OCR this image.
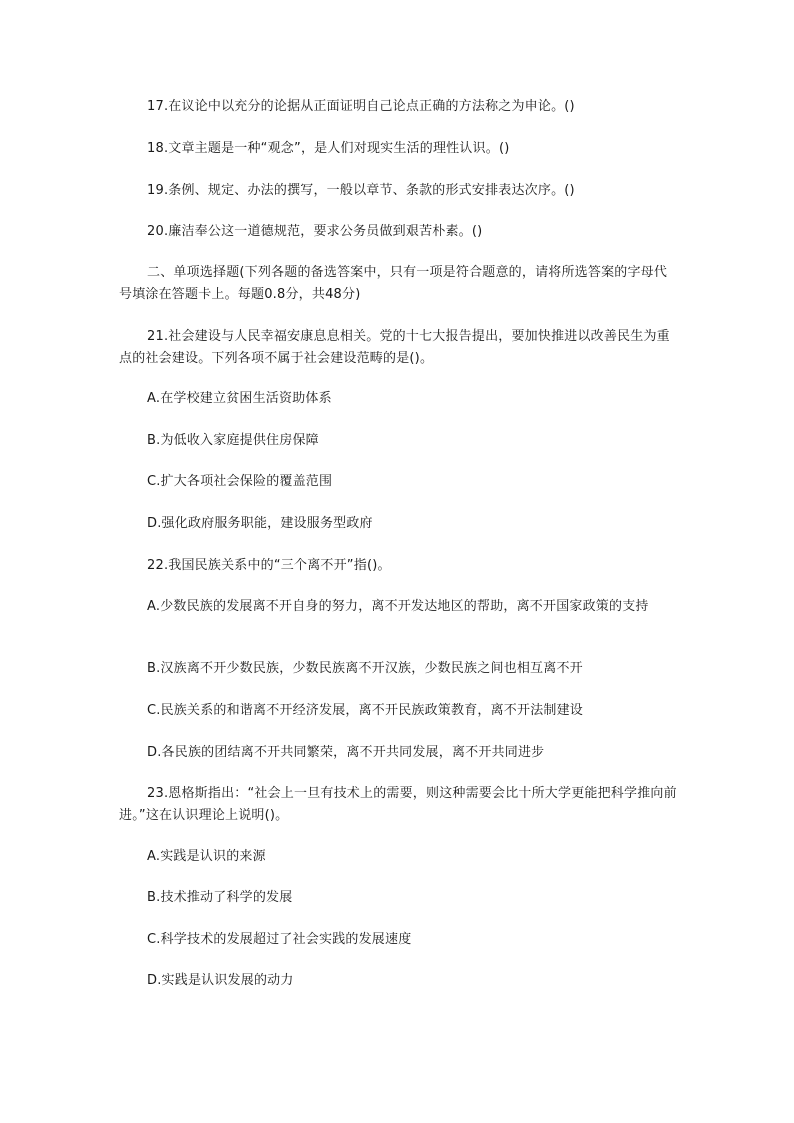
17.在议论中以充分的论据从正面证明自己论点正确的方法称之为申论。()
18.文章主题是一种“观念”，是人们对现实生活的理性认识。()
19.条例、规定、办法的撰写，一般以章节、条款的形式安排表达次序。()
20.廉洁奉公这一道德规范，要求公务员做到艰苦朴素。()
二、单项选择题(下列各题的备选答案中，只有一项是符合题意的，请将所选答案的字母代号填涂在答题卡上。每题0.8分，共48分)
21.社会建设与人民幸福安康息息相关。党的十七大报告提出，要加快推进以改善民生为重点的社会建设。下列各项不属于社会建设范畴的是()。
A.在学校建立贫困生活资助体系
B.为低收入家庭提供住房保障
C.扩大各项社会保险的覆盖范围
D.强化政府服务职能，建设服务型政府
22.我国民族关系中的“三个离不开”指()。
A.少数民族的发展离不开自身的努力，离不开发达地区的帮助，离不开国家政策的支持
B.汉族离不开少数民族，少数民族离不开汉族，少数民族之间也相互离不开
C.民族关系的和谐离不开经济发展，离不开民族政策教育，离不开法制建设
D.各民族的团结离不开共同繁荣，离不开共同发展，离不开共同进步
23.恩格斯指出：“社会上一旦有技术上的需要，则这种需要会比十所大学更能把科学推向前进。”这在认识理论上说明()。
A.实践是认识的来源
B.技术推动了科学的发展
C.科学技术的发展超过了社会实践的发展速度
D.实践是认识发展的动力
